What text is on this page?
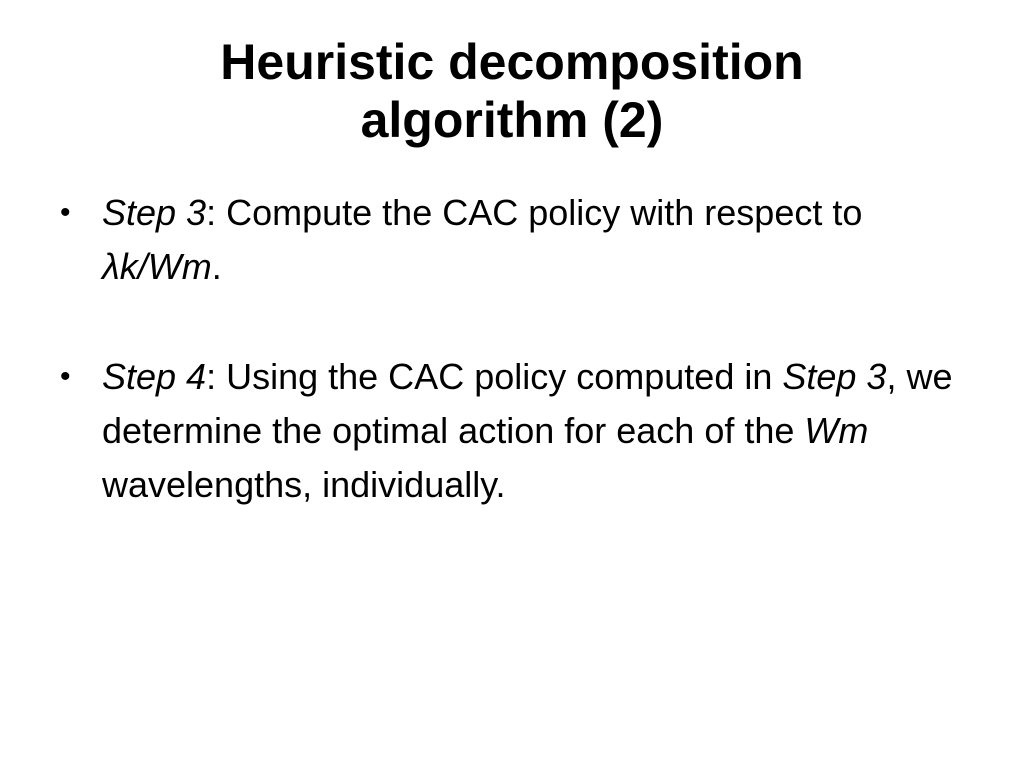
Heuristic decomposition
algorithm (2)
• Step 3: Compute the CAC policy with respect to λk/Wm.
• Step 4: Using the CAC policy computed in Step 3, we determine the optimal action for each of the Wm wavelengths, individually.
